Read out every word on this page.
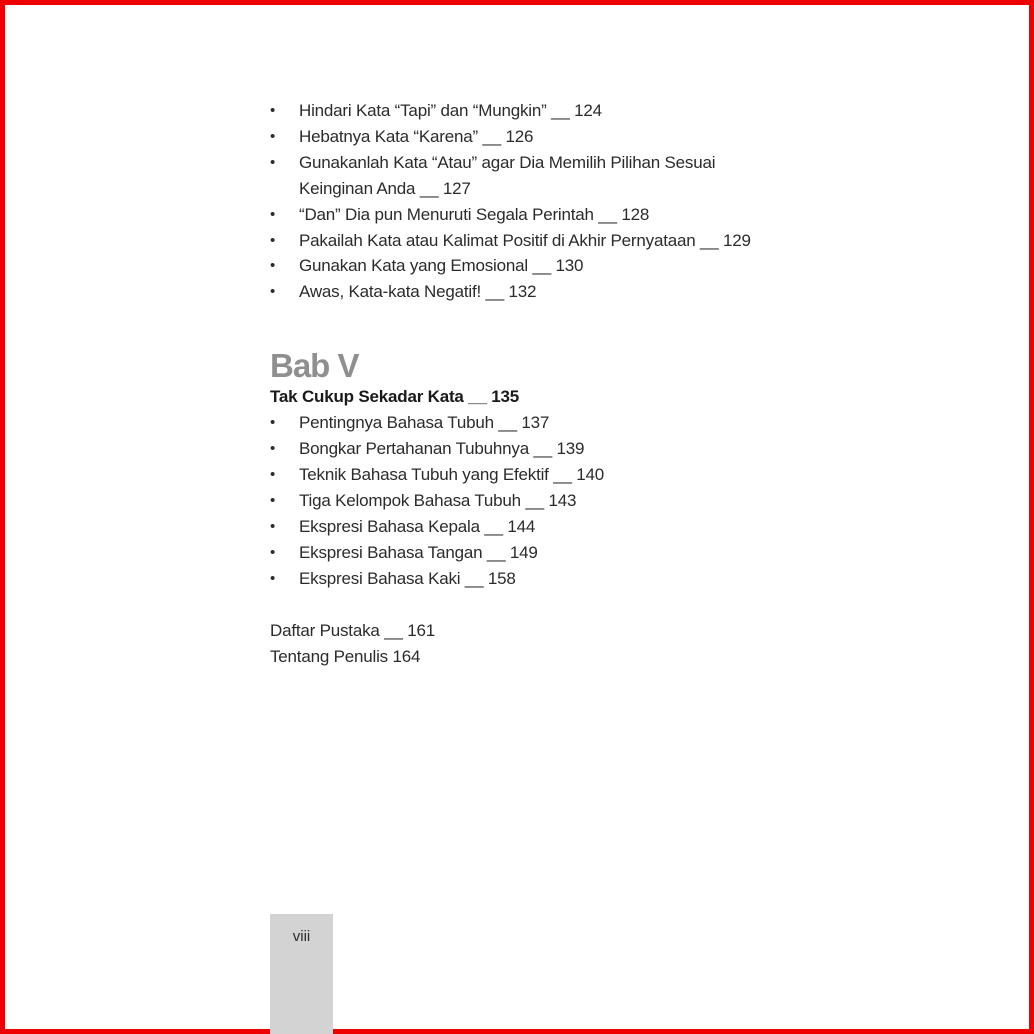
• Hindari Kata “Tapi” dan “Mungkin” __ 124
• Hebatnya Kata “Karena” __ 126
• Gunakanlah Kata “Atau” agar Dia Memilih Pilihan Sesuai Keinginan Anda __ 127
• “Dan” Dia pun Menuruti Segala Perintah __ 128
• Pakailah Kata atau Kalimat Positif di Akhir Pernyataan __ 129
• Gunakan Kata yang Emosional __ 130
• Awas, Kata-kata Negatif! __ 132
Bab V

Tak Cukup Sekadar Kata __ 135

• Pentingnya Bahasa Tubuh __ 137
• Bongkar Pertahanan Tubuhnya __ 139
• Teknik Bahasa Tubuh yang Efektif __ 140
• Tiga Kelompok Bahasa Tubuh __ 143
• Ekspresi Bahasa Kepala __ 144
• Ekspresi Bahasa Tangan __ 149
• Ekspresi Bahasa Kaki __ 158
Daftar Pustaka __ 161
Tentang Penulis 164
viii
